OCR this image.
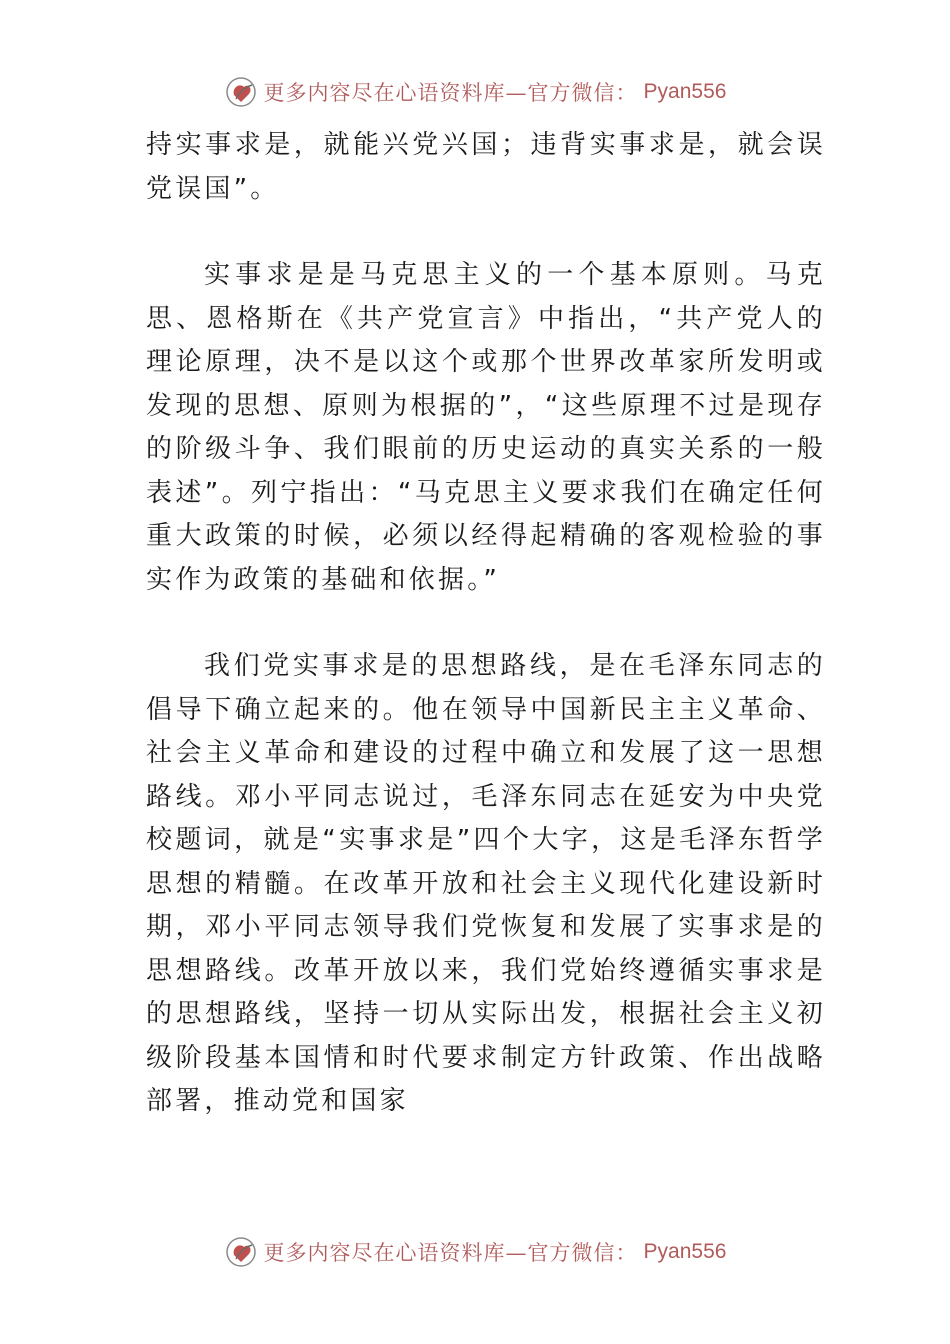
更多内容尽在心语资料库—官方微信： Pyan556

持实事求是，就能兴党兴国；违背实事求是，就会误党误国”。

实事求是是马克思主义的一个基本原则。马克思、恩格斯在《共产党宣言》中指出，“共产党人的理论原理，决不是以这个或那个世界改革家所发明或发现的思想、原则为根据的”，“这些原理不过是现存的阶级斗争、我们眼前的历史运动的真实关系的一般表述”。列宁指出：“马克思主义要求我们在确定任何重大政策的时候，必须以经得起精确的客观检验的事实作为政策的基础和依据。”

我们党实事求是的思想路线，是在毛泽东同志的倡导下确立起来的。他在领导中国新民主主义革命、社会主义革命和建设的过程中确立和发展了这一思想路线。邓小平同志说过，毛泽东同志在延安为中央党校题词，就是“实事求是”四个大字，这是毛泽东哲学思想的精髓。在改革开放和社会主义现代化建设新时期，邓小平同志领导我们党恢复和发展了实事求是的思想路线。改革开放以来，我们党始终遵循实事求是的思想路线，坚持一切从实际出发，根据社会主义初级阶段基本国情和时代要求制定方针政策、作出战略部署，推动党和国家

更多内容尽在心语资料库—官方微信： Pyan556
